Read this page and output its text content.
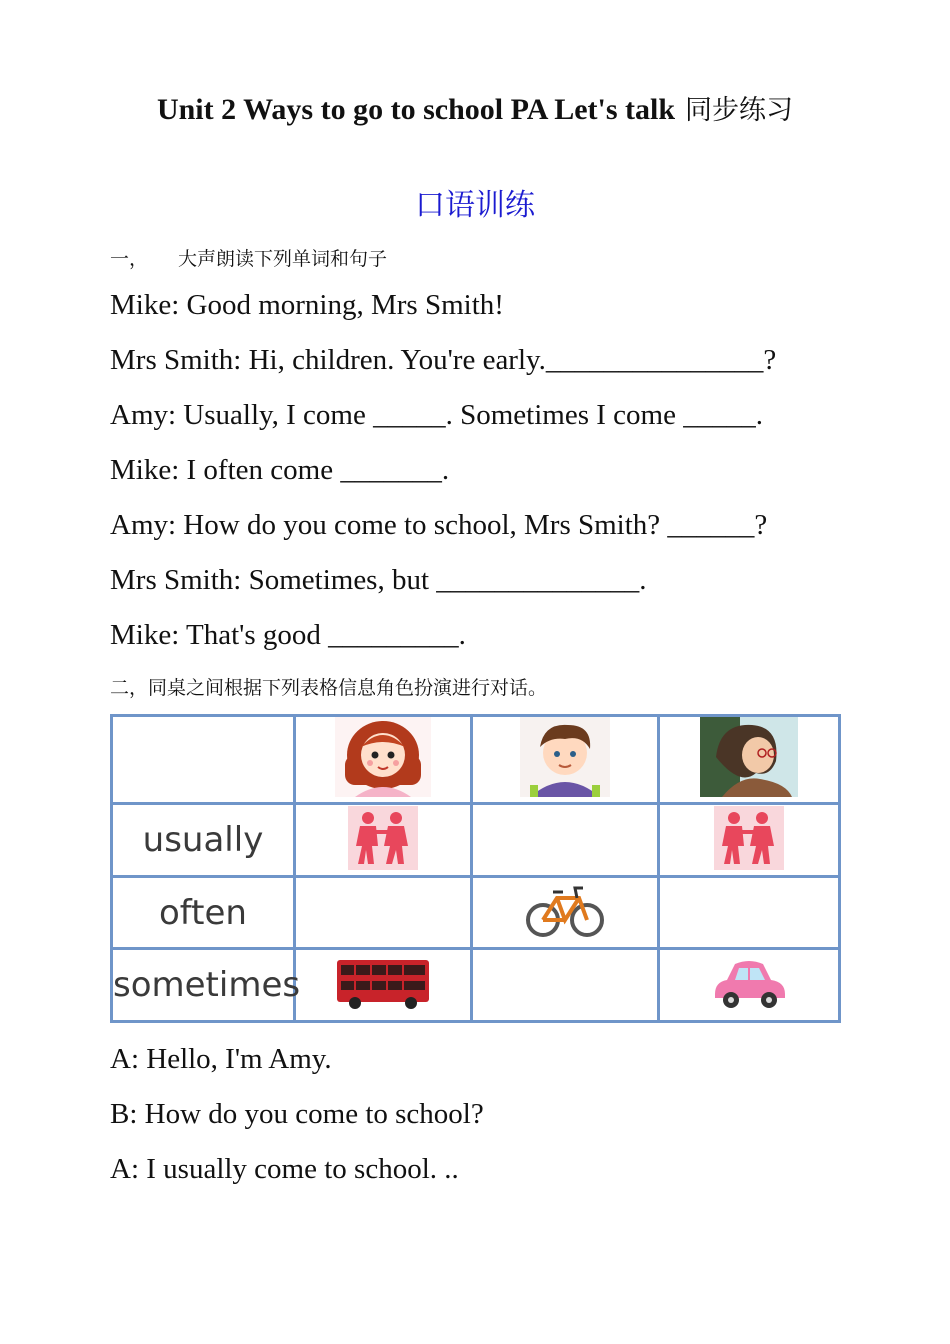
Unit 2 Ways to go to school PA Let's talk 同步练习
口语训练
一， 大声朗读下列单词和句子
Mike: Good morning, Mrs Smith!
Mrs Smith: Hi, children. You're early._______________?
Amy: Usually, I come _____. Sometimes I come _____.
Mike: I often come _______.
Amy: How do you come to school, Mrs Smith? ______?
Mrs Smith: Sometimes, but ______________.
Mike: That's good _________.
二，同桌之间根据下列表格信息角色扮演进行对话。

usually			
often			
sometimes			
A: Hello, I'm Amy.
B: How do you come to school?
A: I usually come to school. ..
